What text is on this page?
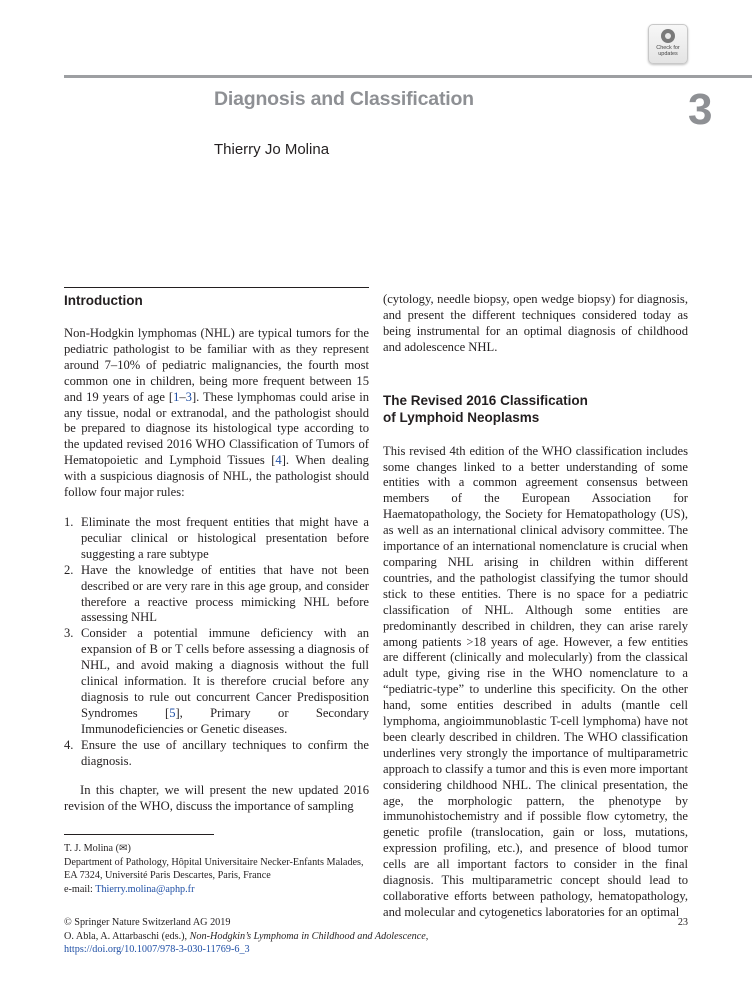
Check for
updates
Diagnosis and Classification	3
Thierry Jo Molina
Introduction

Non-Hodgkin lymphomas (NHL) are typical tumors for the pediatric pathologist to be familiar with as they represent around 7–10% of pediatric malignancies, the fourth most common one in children, being more frequent between 15 and 19 years of age [1–3]. These lymphomas could arise in any tissue, nodal or extranodal, and the pathologist should be prepared to diagnose its histological type according to the updated revised 2016 WHO Classification of Tumors of Hematopoietic and Lymphoid Tissues [4]. When dealing with a suspicious diagnosis of NHL, the pathologist should follow four major rules:

1. Eliminate the most frequent entities that might have a peculiar clinical or histological presentation before suggesting a rare subtype
2. Have the knowledge of entities that have not been described or are very rare in this age group, and consider therefore a reactive process mimicking NHL before assessing NHL
3. Consider a potential immune deficiency with an expansion of B or T cells before assessing a diagnosis of NHL, and avoid making a diagnosis without the full clinical information. It is therefore crucial before any diagnosis to rule out concurrent Cancer Predisposition Syndromes [5], Primary or Secondary Immunodeficiencies or Genetic diseases.
4. Ensure the use of ancillary techniques to confirm the diagnosis.

In this chapter, we will present the new updated 2016 revision of the WHO, discuss the importance of sampling

(cytology, needle biopsy, open wedge biopsy) for diagnosis, and present the different techniques considered today as being instrumental for an optimal diagnosis of childhood and adolescence NHL.

The Revised 2016 Classification
of Lymphoid Neoplasms

This revised 4th edition of the WHO classification includes some changes linked to a better understanding of some entities with a common agreement consensus between members of the European Association for Haematopathology, the Society for Hematopathology (US), as well as an international clinical advisory committee. The importance of an international nomenclature is crucial when comparing NHL arising in children within different countries, and the pathologist classifying the tumor should stick to these entities. There is no space for a pediatric classification of NHL. Although some entities are predominantly described in children, they can arise rarely among patients >18 years of age. However, a few entities are different (clinically and molecularly) from the classical adult type, giving rise in the WHO nomenclature to a “pediatric-type” to underline this specificity. On the other hand, some entities described in adults (mantle cell lymphoma, angioimmunoblastic T-cell lymphoma) have not been clearly described in children. The WHO classification underlines very strongly the importance of multiparametric approach to classify a tumor and this is even more important considering childhood NHL. The clinical presentation, the age, the morphologic pattern, the phenotype by immunohistochemistry and if possible flow cytometry, the genetic profile (translocation, gain or loss, mutations, expression profiling, etc.), and presence of blood tumor cells are all important factors to consider in the final diagnosis. This multiparametric concept should lead to collaborative efforts between pathology, hematopathology, and molecular and cytogenetics laboratories for an optimal

T. J. Molina (✉)
Department of Pathology, Hôpital Universitaire Necker-Enfants Malades, EA 7324, Université Paris Descartes, Paris, France
e-mail: Thierry.molina@aphp.fr
© Springer Nature Switzerland AG 2019
O. Abla, A. Attarbaschi (eds.), Non-Hodgkin’s Lymphoma in Childhood and Adolescence,
https://doi.org/10.1007/978-3-030-11769-6_3
23
